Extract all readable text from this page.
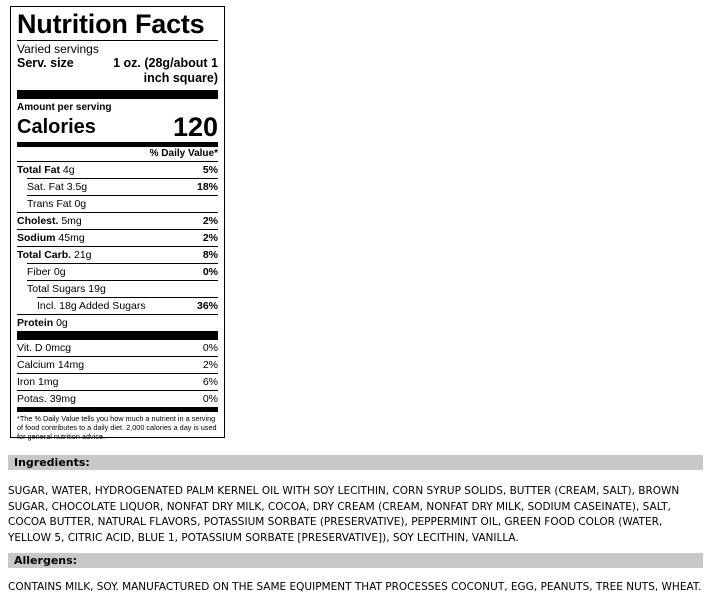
Nutrition Facts
Varied servings
Serv. size	1 oz. (28g/about 1 inch square)
Amount per serving
Calories	120
% Daily Value*
Total Fat 4g	5%
Sat. Fat 3.5g	18%
Trans Fat 0g
Cholest. 5mg	2%
Sodium 45mg	2%
Total Carb. 21g	8%
Fiber 0g	0%
Total Sugars 19g
Incl. 18g Added Sugars	36%
Protein 0g
Vit. D 0mcg	0%
Calcium 14mg	2%
Iron 1mg	6%
Potas. 39mg	0%
*The % Daily Value tells you how much a nutrient in a serving of food contributes to a daily diet. 2,000 calories a day is used for general nutrition advice.
Ingredients:
SUGAR, WATER, HYDROGENATED PALM KERNEL OIL WITH SOY LECITHIN, CORN SYRUP SOLIDS, BUTTER (CREAM, SALT), BROWN SUGAR, CHOCOLATE LIQUOR, NONFAT DRY MILK, COCOA, DRY CREAM (CREAM, NONFAT DRY MILK, SODIUM CASEINATE), SALT, COCOA BUTTER, NATURAL FLAVORS, POTASSIUM SORBATE (PRESERVATIVE), PEPPERMINT OIL, GREEN FOOD COLOR (WATER, YELLOW 5, CITRIC ACID, BLUE 1, POTASSIUM SORBATE [PRESERVATIVE]), SOY LECITHIN, VANILLA.
Allergens:
CONTAINS MILK, SOY. MANUFACTURED ON THE SAME EQUIPMENT THAT PROCESSES COCONUT, EGG, PEANUTS, TREE NUTS, WHEAT.
